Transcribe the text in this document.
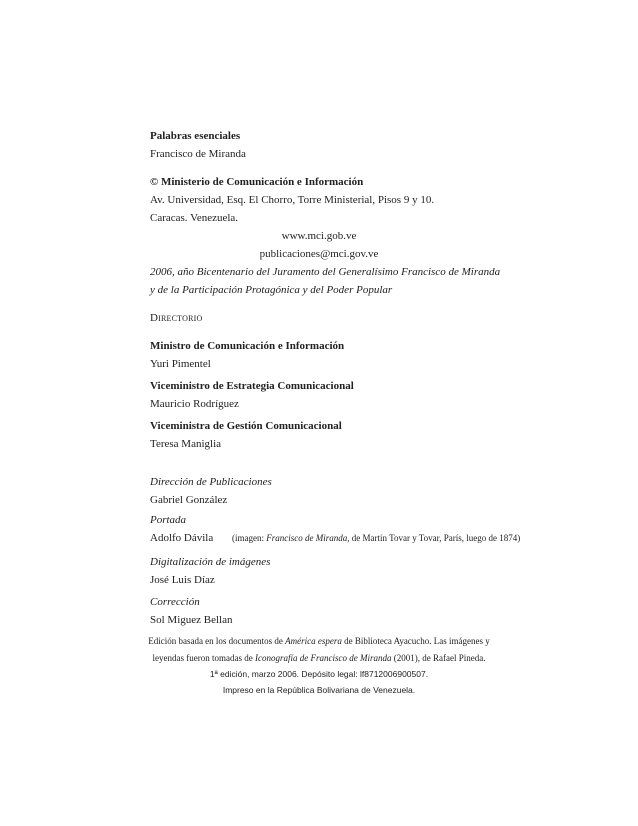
Palabras esenciales
Francisco de Miranda
© Ministerio de Comunicación e Información
Av. Universidad, Esq. El Chorro, Torre Ministerial, Pisos 9 y 10.
Caracas. Venezuela.
www.mci.gob.ve
publicaciones@mci.gov.ve
2006, año Bicentenario del Juramento del Generalísimo Francisco de Miranda
y de la Participación Protagónica y del Poder Popular
Directorio
Ministro de Comunicación e Información
Yuri Pimentel
Viceministro de Estrategia Comunicacional
Mauricio Rodríguez
Viceministra de Gestión Comunicacional
Teresa Maniglia
Dirección de Publicaciones
Gabriel González
Portada
Adolfo Dávila (imagen: Francisco de Miranda, de Martín Tovar y Tovar, París, luego de 1874)
Digitalización de imágenes
José Luis Díaz
Corrección
Sol Miguez Bellan
Edición basada en los documentos de América espera de Biblioteca Ayacucho. Las imágenes y
leyendas fueron tomadas de Iconografía de Francisco de Miranda (2001), de Rafael Pineda.
1ª edición, marzo 2006. Depósito legal: lf8712006900507.
Impreso en la República Bolivariana de Venezuela.
